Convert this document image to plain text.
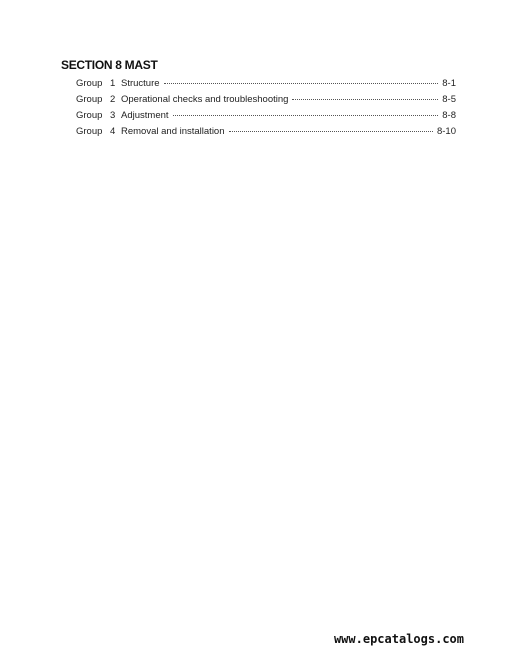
SECTION 8 MAST
Group 1 Structure	8-1
Group 2 Operational checks and troubleshooting	8-5
Group 3 Adjustment	8-8
Group 4 Removal and installation	8-10
www.epcatalogs.com
